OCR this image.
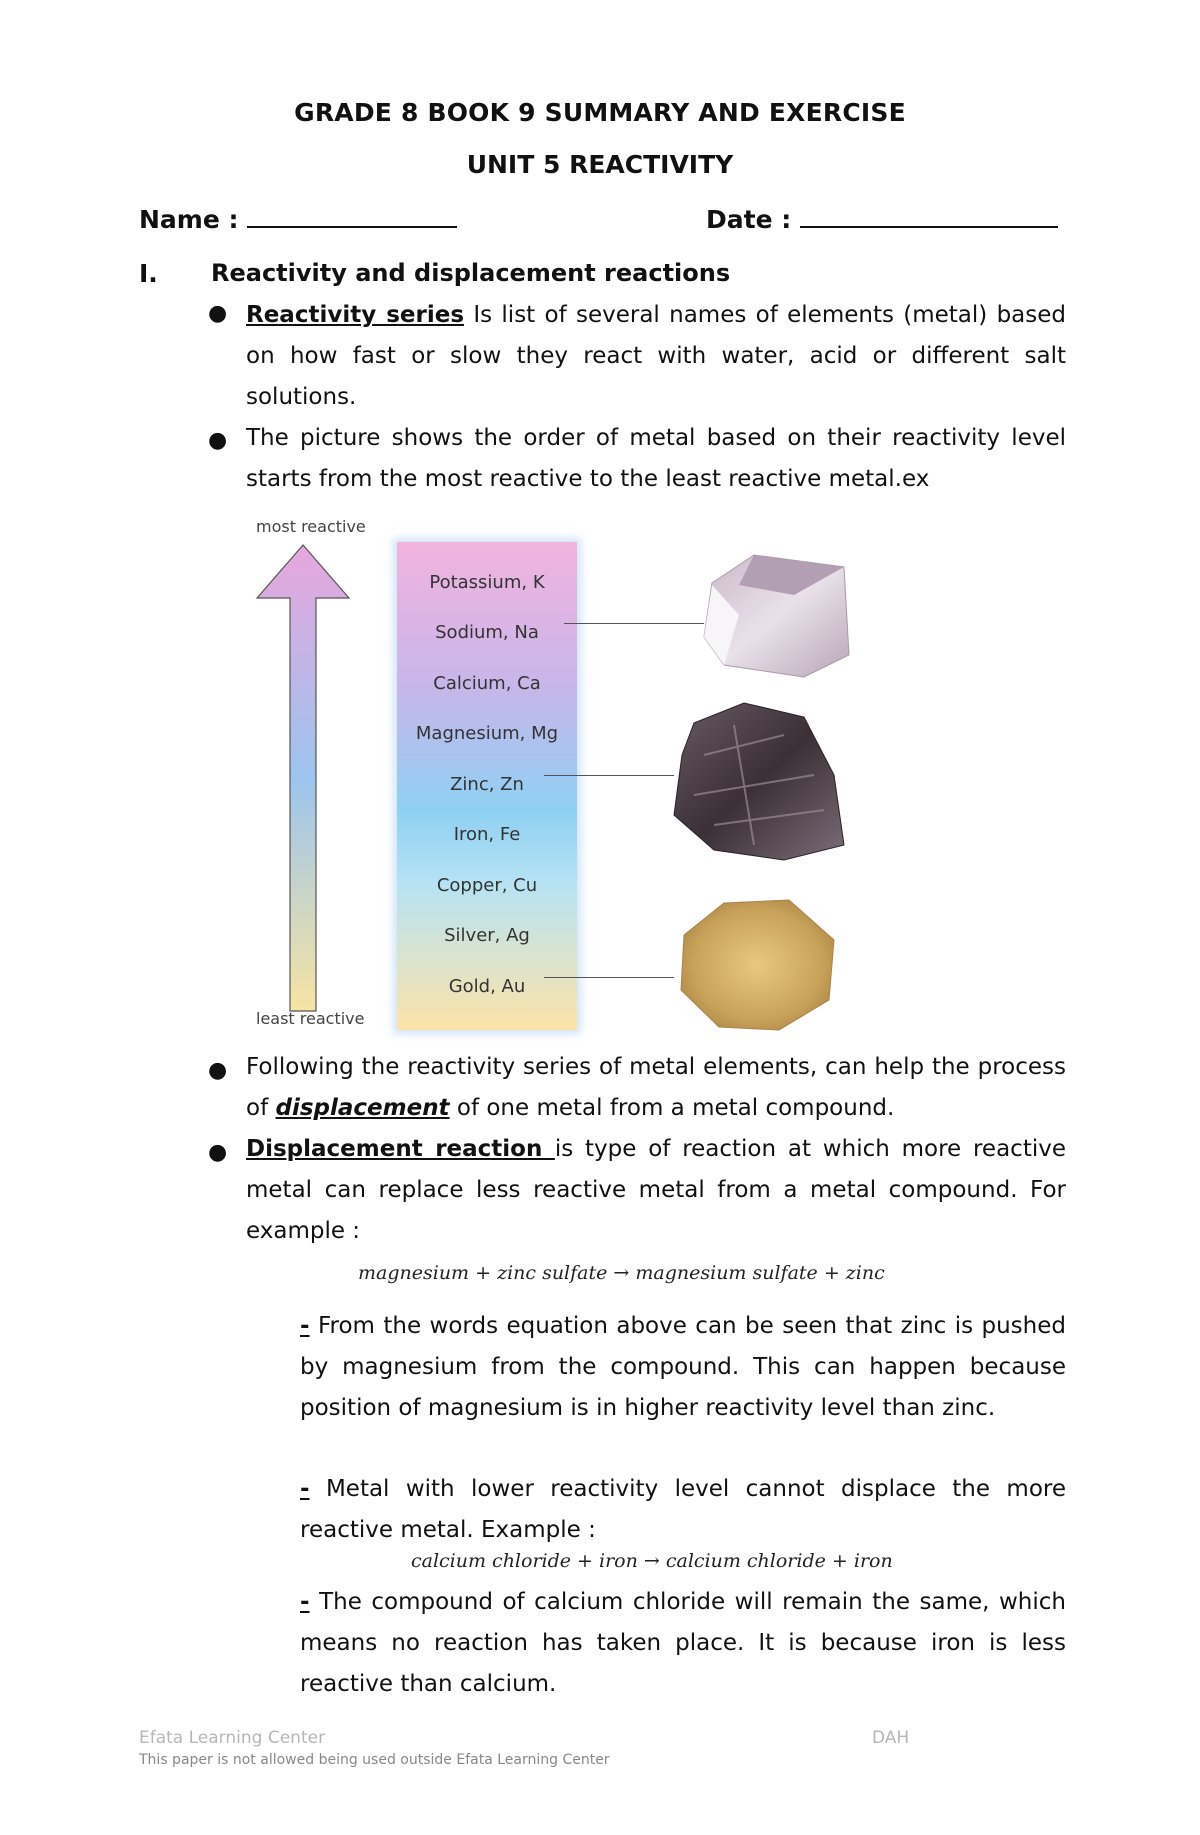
GRADE 8 BOOK 9 SUMMARY AND EXERCISE
UNIT 5 REACTIVITY
Name :	Date :
I. Reactivity and displacement reactions
● Reactivity series Is list of several names of elements (metal) based on how fast or slow they react with water, acid or different salt solutions.
● The picture shows the order of metal based on their reactivity level starts from the most reactive to the least reactive metal.ex
most reactive
least reactive
Potassium, K
Sodium, Na
Calcium, Ca
Magnesium, Mg
Zinc, Zn
Iron, Fe
Copper, Cu
Silver, Ag
Gold, Au
● Following the reactivity series of metal elements, can help the process of displacement of one metal from a metal compound.
● Displacement reaction is type of reaction at which more reactive metal can replace less reactive metal from a metal compound. For example :
magnesium + zinc sulfate → magnesium sulfate + zinc
- From the words equation above can be seen that zinc is pushed by magnesium from the compound. This can happen because position of magnesium is in higher reactivity level than zinc.
- Metal with lower reactivity level cannot displace the more reactive metal. Example :
calcium chloride + iron → calcium chloride + iron
- The compound of calcium chloride will remain the same, which means no reaction has taken place. It is because iron is less reactive than calcium.
Efata Learning Center	DAH
This paper is not allowed being used outside Efata Learning Center
